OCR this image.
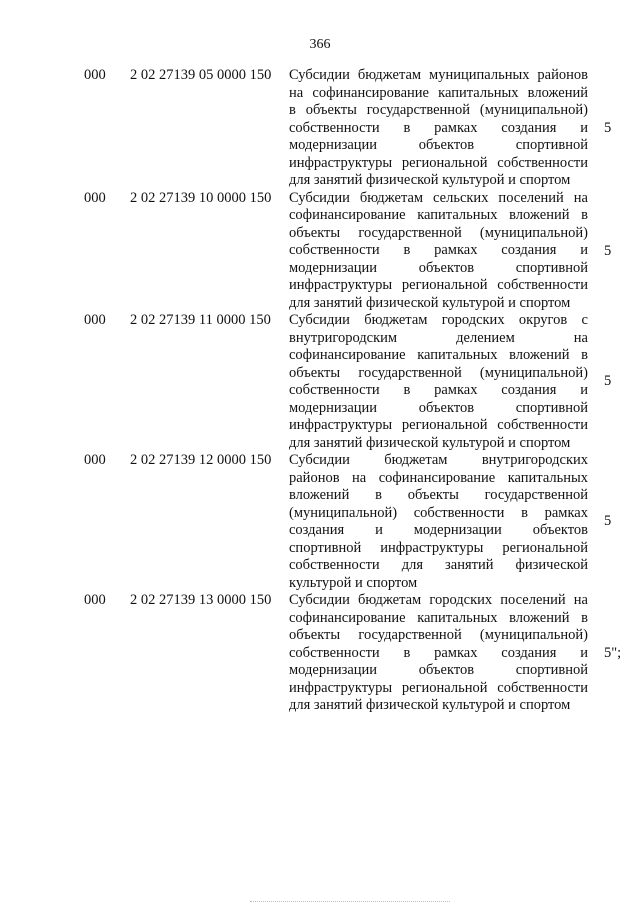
366
000 2 02 27139 05 0000 150 Субсидии бюджетам муниципальных районов
на софинансирование капитальных вложений
в объекты государственной (муниципальной)
собственности в рамках создания и
модернизации объектов спортивной
инфраструктуры региональной собственности
для занятий физической культурой и спортом
5
000 2 02 27139 10 0000 150 Субсидии бюджетам сельских поселений на
софинансирование капитальных вложений в
объекты государственной (муниципальной)
собственности в рамках создания и
модернизации объектов спортивной
инфраструктуры региональной собственности
для занятий физической культурой и спортом
5
000 2 02 27139 11 0000 150 Субсидии бюджетам городских округов с
внутригородским делением на
софинансирование капитальных вложений в
объекты государственной (муниципальной)
собственности в рамках создания и
модернизации объектов спортивной
инфраструктуры региональной собственности
для занятий физической культурой и спортом
5
000 2 02 27139 12 0000 150 Субсидии бюджетам внутригородских
районов на софинансирование капитальных
вложений в объекты государственной
(муниципальной) собственности в рамках
создания и модернизации объектов
спортивной инфраструктуры региональной
собственности для занятий физической
культурой и спортом
5
000 2 02 27139 13 0000 150 Субсидии бюджетам городских поселений на
софинансирование капитальных вложений в
объекты государственной (муниципальной)
собственности в рамках создания и
модернизации объектов спортивной
инфраструктуры региональной собственности
для занятий физической культурой и спортом
5";
